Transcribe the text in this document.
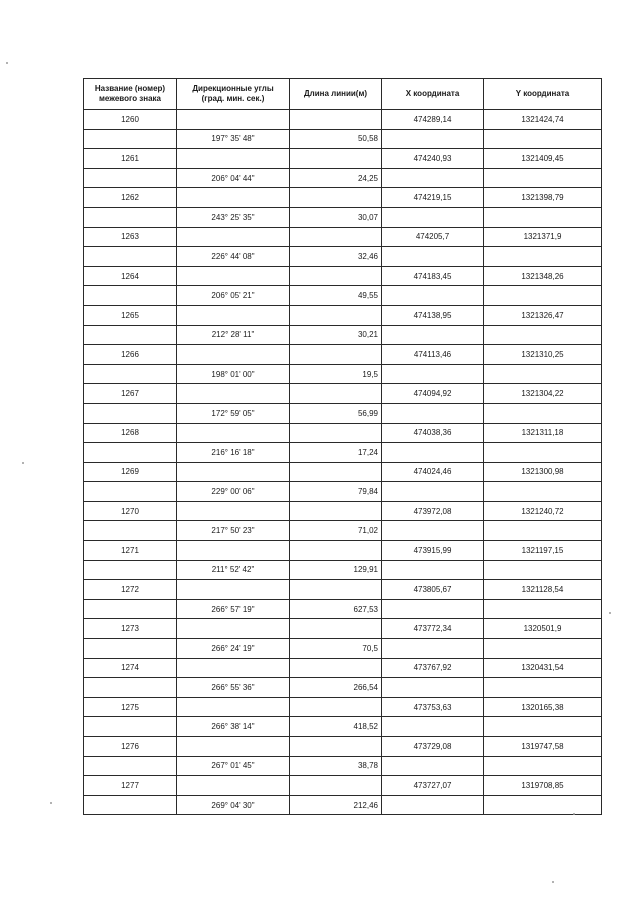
Название (номер) межевого знака	Дирекционные углы (град. мин. сек.)	Длина линии(м)	X координата	Y координата
1260			474289,14	1321424,74
	197° 35' 48"	50,58		
1261			474240,93	1321409,45
	206° 04' 44"	24,25		
1262			474219,15	1321398,79
	243° 25' 35"	30,07		
1263			474205,7	1321371,9
	226° 44' 08"	32,46		
1264			474183,45	1321348,26
	206° 05' 21"	49,55		
1265			474138,95	1321326,47
	212° 28' 11"	30,21		
1266			474113,46	1321310,25
	198° 01' 00"	19,5		
1267			474094,92	1321304,22
	172° 59' 05"	56,99		
1268			474038,36	1321311,18
	216° 16' 18"	17,24		
1269			474024,46	1321300,98
	229° 00' 06"	79,84		
1270			473972,08	1321240,72
	217° 50' 23"	71,02		
1271			473915,99	1321197,15
	211° 52' 42"	129,91		
1272			473805,67	1321128,54
	266° 57' 19"	627,53		
1273			473772,34	1320501,9
	266° 24' 19"	70,5		
1274			473767,92	1320431,54
	266° 55' 36"	266,54		
1275			473753,63	1320165,38
	266° 38' 14"	418,52		
1276			473729,08	1319747,58
	267° 01' 45"	38,78		
1277			473727,07	1319708,85
	269° 04' 30"	212,46		
